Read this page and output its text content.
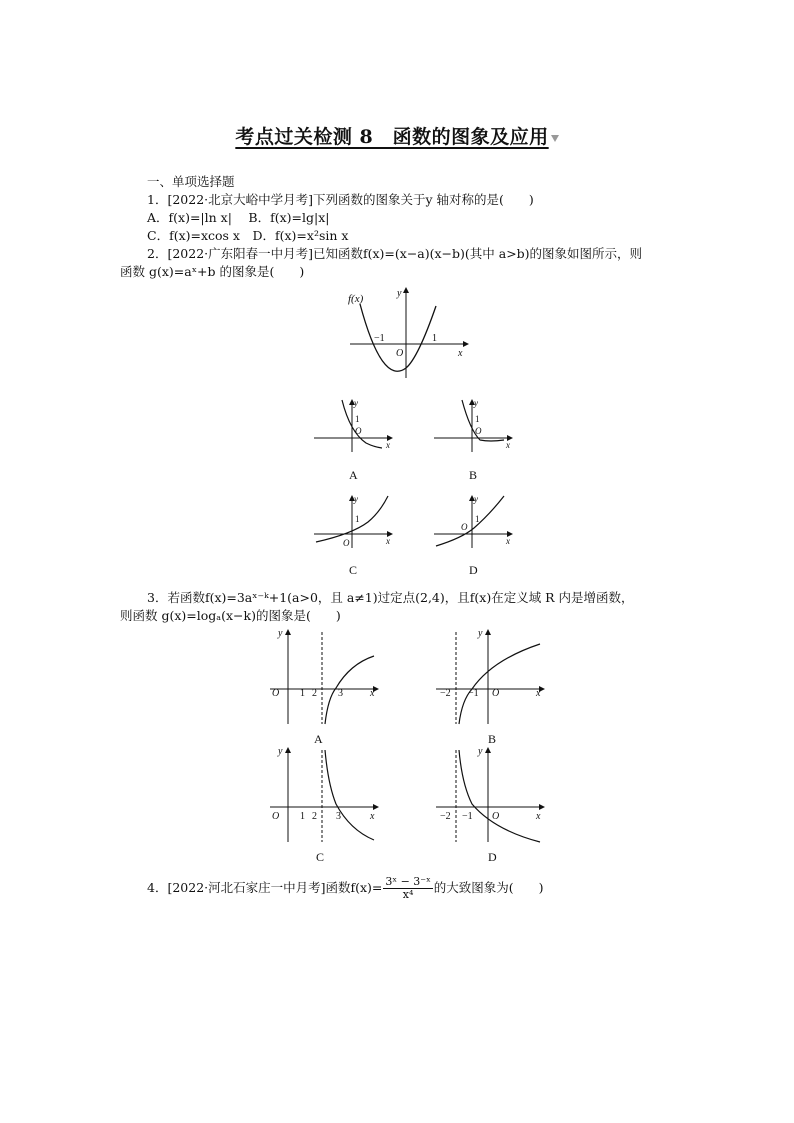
考点过关检测 8　函数的图象及应用
一、单项选择题
1．[2022·北京大峪中学月考]下列函数的图象关于y 轴对称的是(　　)
A．f(x)=|ln x|　 B．f(x)=lg|x|
C．f(x)=xcos x　D．f(x)=x²sin x
2．[2022·广东阳春一中月考]已知函数f(x)=(x−a)(x−b)(其中 a>b)的图象如图所示，则
函数 g(x)=aˣ+b 的图象是(　　)
f(x)	y
x
O
−1	1
y
1
O
x
A
y
1
O
x
B
y
1
O	x
C
y
1
O
x
D
3．若函数f(x)=3aˣ⁻ᵏ+1(a>0，且 a≠1)过定点(2,4)，且f(x)在定义域 R 内是增函数，
则函数 g(x)=logₐ(x−k)的图象是(　　)
y
O 1 2 3	x
A
y
−2 −1 O	x
B
y
O 1 2 3	x
C
y
−2 −1 O	x
D
4．[2022·河北石家庄一中月考]函数$f(x)= \frac{\text{3ˣ − 3⁻ˣ}}{\text{x⁴}}$ 的大致图象为(　　)
